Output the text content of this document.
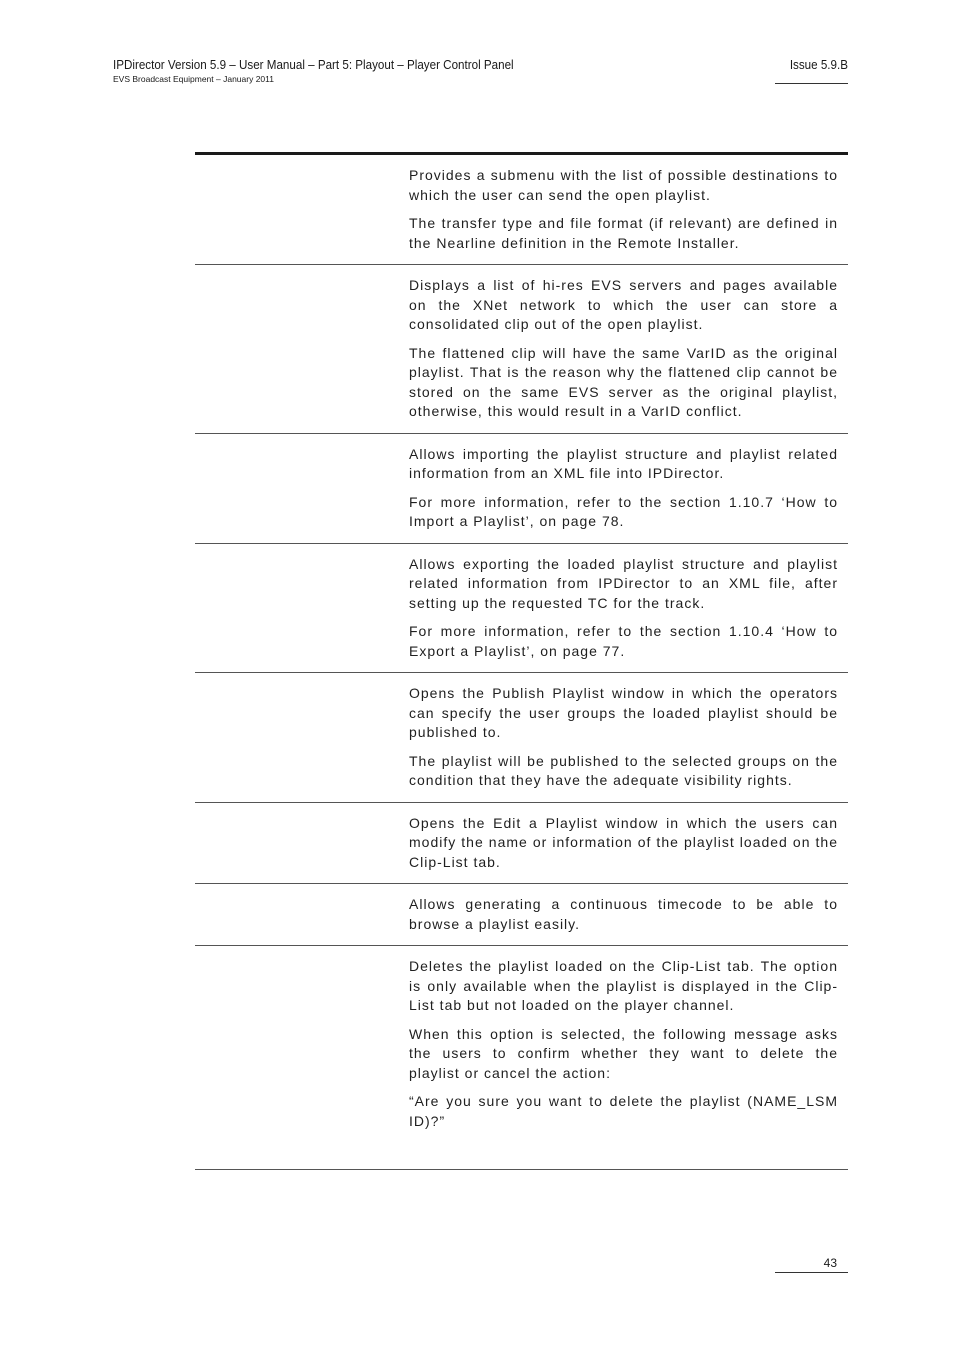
IPDirector Version 5.9 – User Manual – Part 5: Playout – Player Control Panel
EVS Broadcast Equipment – January 2011
Issue 5.9.B

Provides a submenu with the list of possible destinations to which the user can send the open playlist.

The transfer type and file format (if relevant) are defined in the Nearline definition in the Remote Installer.

Displays a list of hi-res EVS servers and pages available on the XNet network to which the user can store a consolidated clip out of the open playlist.

The flattened clip will have the same VarID as the original playlist. That is the reason why the flattened clip cannot be stored on the same EVS server as the original playlist, otherwise, this would result in a VarID conflict.

Allows importing the playlist structure and playlist related information from an XML file into IPDirector.

For more information, refer to the section 1.10.7 ‘How to Import a Playlist’, on page 78.

Allows exporting the loaded playlist structure and playlist related information from IPDirector to an XML file, after setting up the requested TC for the track.

For more information, refer to the section 1.10.4 ‘How to Export a Playlist’, on page 77.

Opens the Publish Playlist window in which the operators can specify the user groups the loaded playlist should be published to.

The playlist will be published to the selected groups on the condition that they have the adequate visibility rights.

Opens the Edit a Playlist window in which the users can modify the name or information of the playlist loaded on the Clip-List tab.

Allows generating a continuous timecode to be able to browse a playlist easily.

Deletes the playlist loaded on the Clip-List tab. The option is only available when the playlist is displayed in the Clip-List tab but not loaded on the player channel.

When this option is selected, the following message asks the users to confirm whether they want to delete the playlist or cancel the action:

“Are you sure you want to delete the playlist (NAME_LSM ID)?”

43
